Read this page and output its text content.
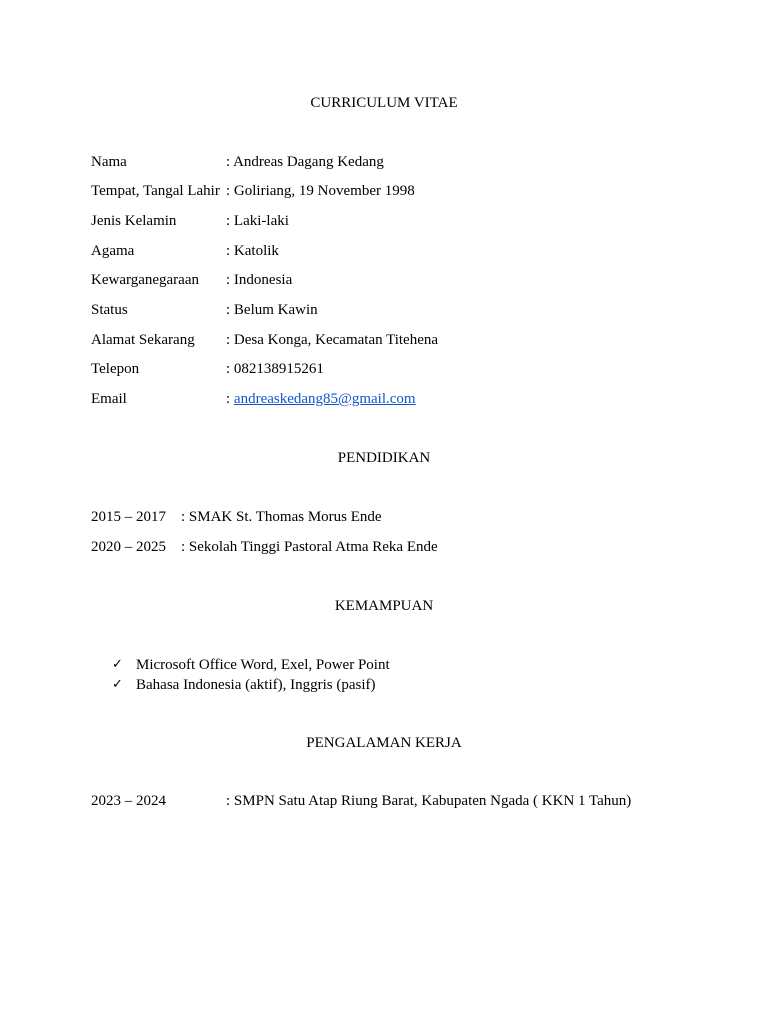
CURRICULUM VITAE
Nama	: Andreas Dagang Kedang
Tempat, Tangal Lahir : Goliriang, 19 November 1998
Jenis Kelamin	: Laki-laki
Agama	: Katolik
Kewarganegaraan : Indonesia
Status	: Belum Kawin
Alamat Sekarang : Desa Konga, Kecamatan Titehena
Telepon	: 082138915261
Email	: andreaskedang85@gmail.com
PENDIDIKAN
2015 – 2017 : SMAK St. Thomas Morus Ende
2020 – 2025 : Sekolah Tinggi Pastoral Atma Reka Ende
KEMAMPUAN
✓ Microsoft Office Word, Exel, Power Point
✓ Bahasa Indonesia (aktif), Inggris (pasif)
PENGALAMAN KERJA
2023 – 2024	: SMPN Satu Atap Riung Barat, Kabupaten Ngada ( KKN 1 Tahun)
